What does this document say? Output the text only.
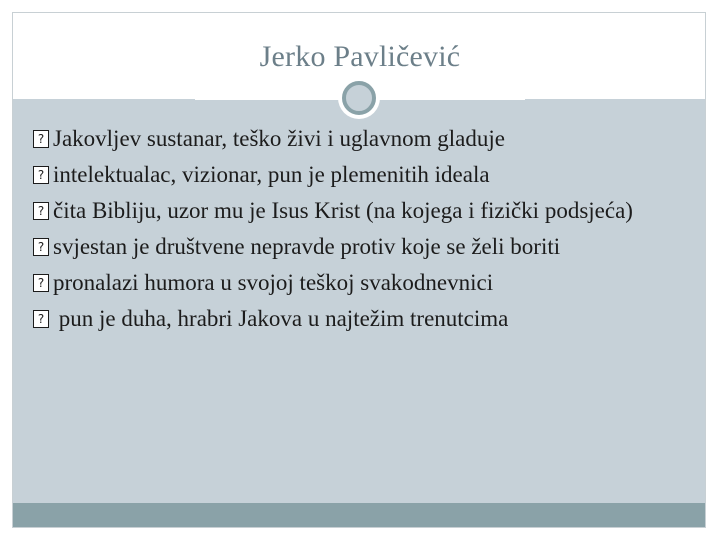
Jerko Pavličević
?Jakovljev sustanar, teško živi i uglavnom gladuje
?intelektualac, vizionar, pun je plemenitih ideala
?čita Bibliju, uzor mu je Isus Krist (na kojega i fizički podsjeća)
?svjestan je društvene nepravde protiv koje se želi boriti
?pronalazi humora u svojoj teškoj svakodnevnici
? pun je duha, hrabri Jakova u najtežim trenutcima
